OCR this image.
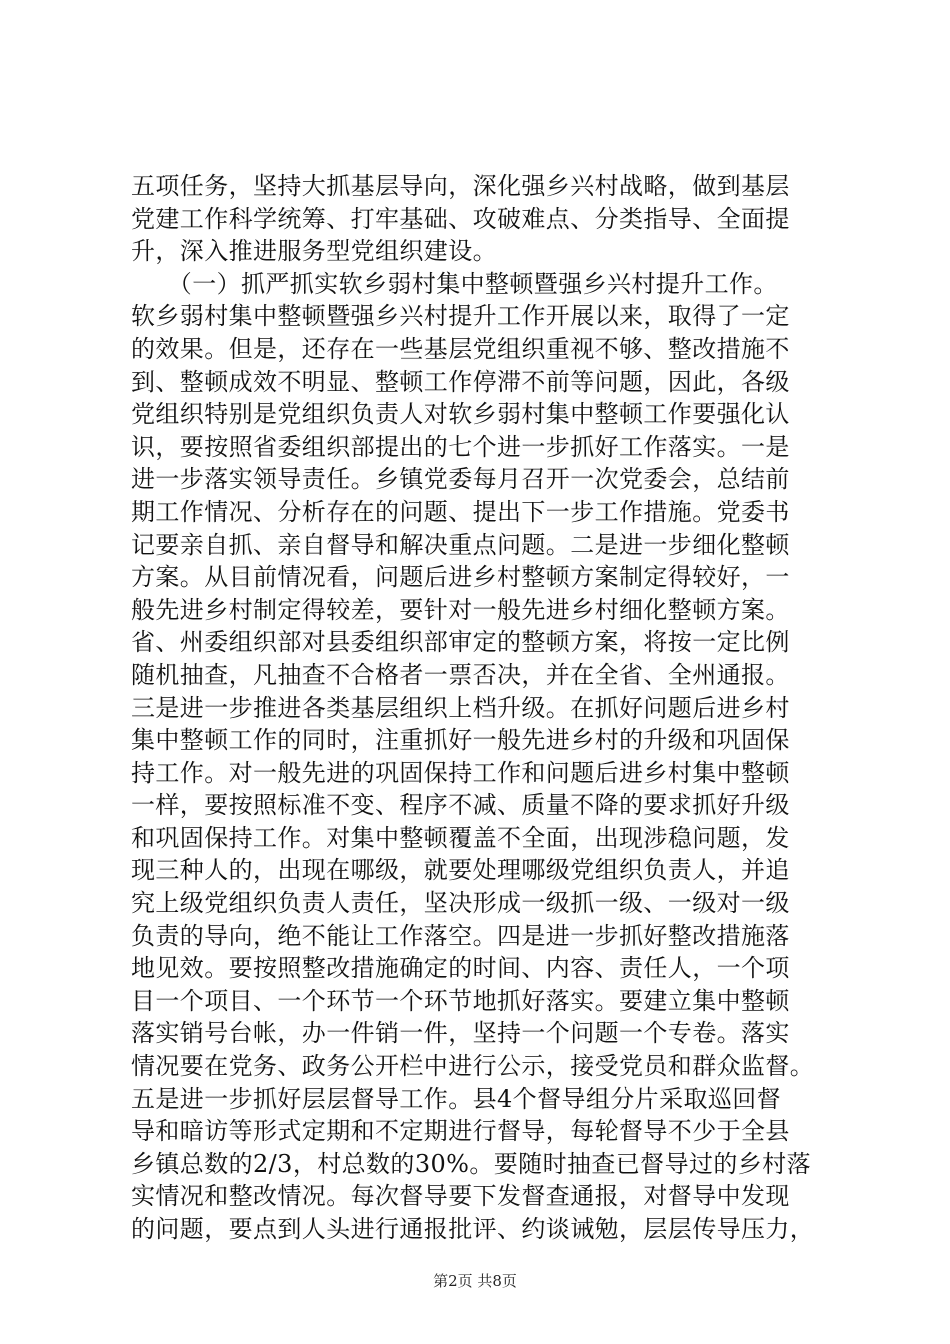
五项任务，坚持大抓基层导向，深化强乡兴村战略，做到基层
党建工作科学统筹、打牢基础、攻破难点、分类指导、全面提
升，深入推进服务型党组织建设。
　　（一）抓严抓实软乡弱村集中整顿暨强乡兴村提升工作。
软乡弱村集中整顿暨强乡兴村提升工作开展以来，取得了一定
的效果。但是，还存在一些基层党组织重视不够、整改措施不
到、整顿成效不明显、整顿工作停滞不前等问题，因此，各级
党组织特别是党组织负责人对软乡弱村集中整顿工作要强化认
识，要按照省委组织部提出的七个进一步抓好工作落实。一是
进一步落实领导责任。乡镇党委每月召开一次党委会，总结前
期工作情况、分析存在的问题、提出下一步工作措施。党委书
记要亲自抓、亲自督导和解决重点问题。二是进一步细化整顿
方案。从目前情况看，问题后进乡村整顿方案制定得较好，一
般先进乡村制定得较差，要针对一般先进乡村细化整顿方案。
省、州委组织部对县委组织部审定的整顿方案，将按一定比例
随机抽查，凡抽查不合格者一票否决，并在全省、全州通报。
三是进一步推进各类基层组织上档升级。在抓好问题后进乡村
集中整顿工作的同时，注重抓好一般先进乡村的升级和巩固保
持工作。对一般先进的巩固保持工作和问题后进乡村集中整顿
一样，要按照标准不变、程序不减、质量不降的要求抓好升级
和巩固保持工作。对集中整顿覆盖不全面，出现涉稳问题，发
现三种人的，出现在哪级，就要处理哪级党组织负责人，并追
究上级党组织负责人责任，坚决形成一级抓一级、一级对一级
负责的导向，绝不能让工作落空。四是进一步抓好整改措施落
地见效。要按照整改措施确定的时间、内容、责任人，一个项
目一个项目、一个环节一个环节地抓好落实。要建立集中整顿
落实销号台帐，办一件销一件，坚持一个问题一个专卷。落实
情况要在党务、政务公开栏中进行公示，接受党员和群众监督。
五是进一步抓好层层督导工作。县4个督导组分片采取巡回督
导和暗访等形式定期和不定期进行督导，每轮督导不少于全县
乡镇总数的2/3，村总数的30%。要随时抽查已督导过的乡村落
实情况和整改情况。每次督导要下发督查通报，对督导中发现
的问题，要点到人头进行通报批评、约谈诫勉，层层传导压力，
第2页 共8页
